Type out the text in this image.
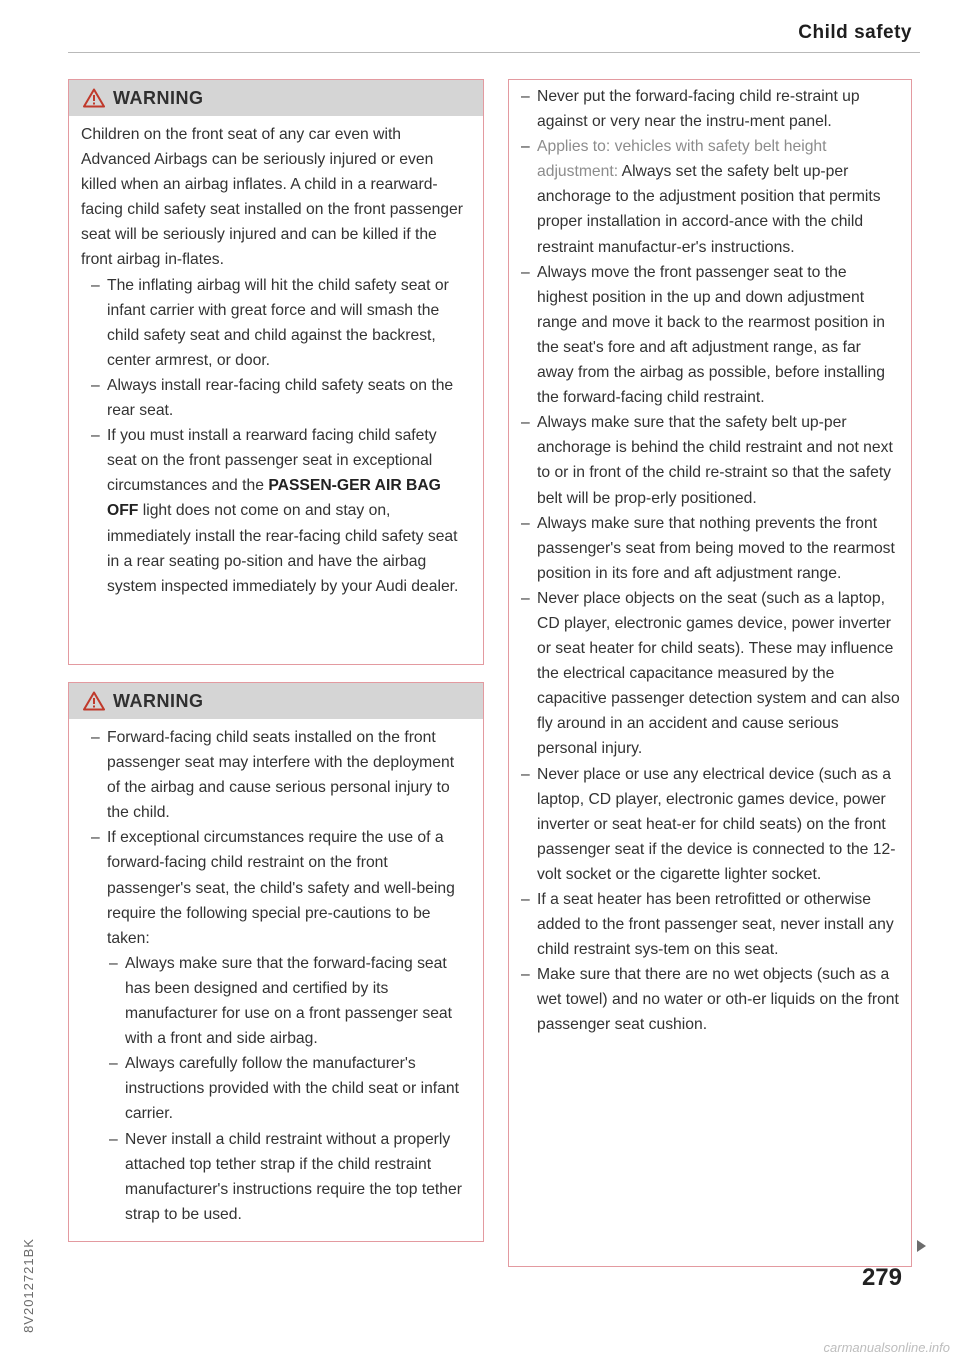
Child safety
WARNING

Children on the front seat of any car even with Advanced Airbags can be seriously injured or even killed when an airbag inflates. A child in a rearward-facing child safety seat installed on the front passenger seat will be seriously injured and can be killed if the front airbag in-flates.

– The inflating airbag will hit the child safety seat or infant carrier with great force and will smash the child safety seat and child against the backrest, center armrest, or door.

– Always install rear-facing child safety seats on the rear seat.

– If you must install a rearward facing child safety seat on the front passenger seat in exceptional circumstances and the PASSEN-GER AIR BAG OFF light does not come on and stay on, immediately install the rear-facing child safety seat in a rear seating po-sition and have the airbag system inspected immediately by your Audi dealer.

WARNING

– Forward-facing child seats installed on the front passenger seat may interfere with the deployment of the airbag and cause serious personal injury to the child.

– If exceptional circumstances require the use of a forward-facing child restraint on the front passenger's seat, the child's safety and well-being require the following special pre-cautions to be taken:

– Always make sure that the forward-facing seat has been designed and certified by its manufacturer for use on a front passenger seat with a front and side airbag.

– Always carefully follow the manufacturer's instructions provided with the child seat or infant carrier.

– Never install a child restraint without a properly attached top tether strap if the child restraint manufacturer's instructions require the top tether strap to be used.

– Never put the forward-facing child re-straint up against or very near the instru-ment panel.

– Applies to: vehicles with safety belt height adjustment: Always set the safety belt up-per anchorage to the adjustment position that permits proper installation in accord-ance with the child restraint manufactur-er's instructions.

– Always move the front passenger seat to the highest position in the up and down adjustment range and move it back to the rearmost position in the seat's fore and aft adjustment range, as far away from the airbag as possible, before installing the forward-facing child restraint.

– Always make sure that the safety belt up-per anchorage is behind the child restraint and not next to or in front of the child re-straint so that the safety belt will be prop-erly positioned.

– Always make sure that nothing prevents the front passenger's seat from being moved to the rearmost position in its fore and aft adjustment range.

– Never place objects on the seat (such as a laptop, CD player, electronic games device, power inverter or seat heater for child seats). These may influence the electrical capacitance measured by the capacitive passenger detection system and can also fly around in an accident and cause serious personal injury.

– Never place or use any electrical device (such as a laptop, CD player, electronic games device, power inverter or seat heat-er for child seats) on the front passenger seat if the device is connected to the 12-volt socket or the cigarette lighter socket.

– If a seat heater has been retrofitted or otherwise added to the front passenger seat, never install any child restraint sys-tem on this seat.

– Make sure that there are no wet objects (such as a wet towel) and no water or oth-er liquids on the front passenger seat cushion.

8V2012721BK	279
carmanualsonline.info
